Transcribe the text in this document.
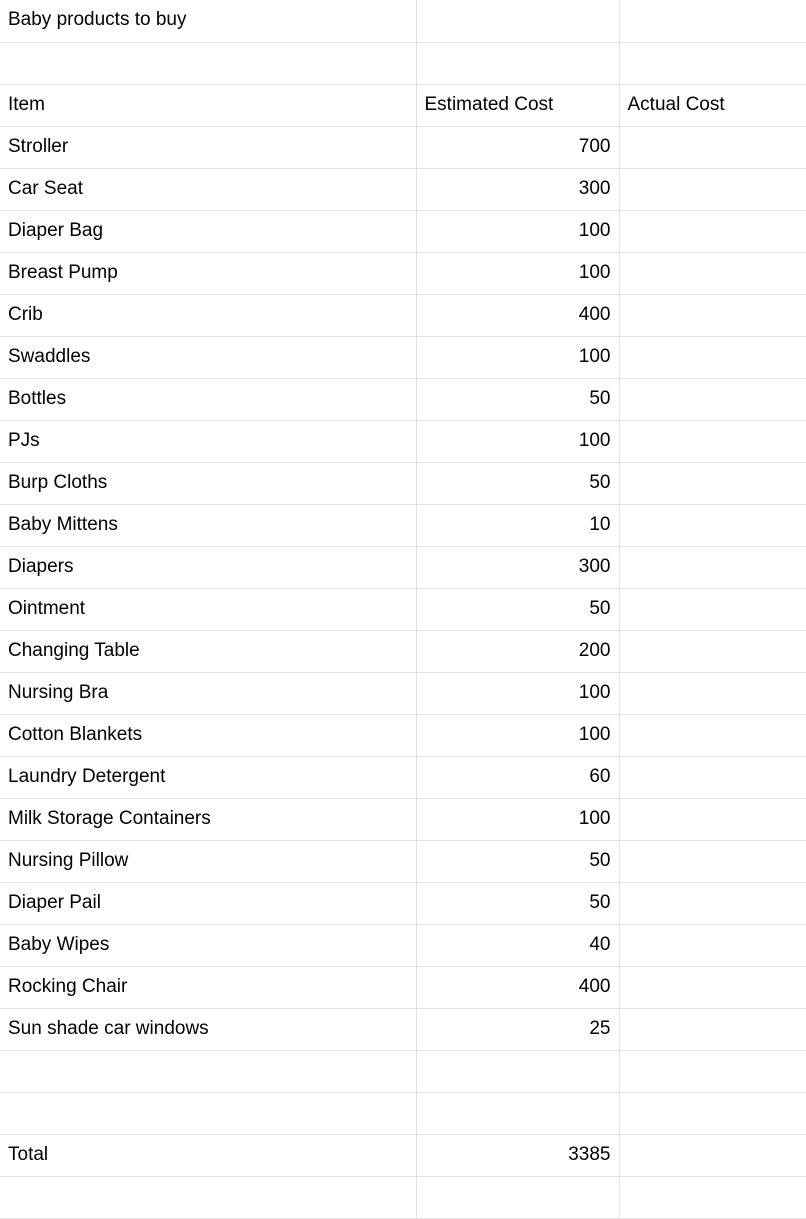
Baby products to buy		

Item	Estimated Cost	Actual Cost
Stroller	700	
Car Seat	300	
Diaper Bag	100	
Breast Pump	100	
Crib	400	
Swaddles	100	
Bottles	50	
PJs	100	
Burp Cloths	50	
Baby Mittens	10	
Diapers	300	
Ointment	50	
Changing Table	200	
Nursing Bra	100	
Cotton Blankets	100	
Laundry Detergent	60	
Milk Storage Containers	100	
Nursing Pillow	50	
Diaper Pail	50	
Baby Wipes	40	
Rocking Chair	400	
Sun shade car windows	25	

Total	3385	
